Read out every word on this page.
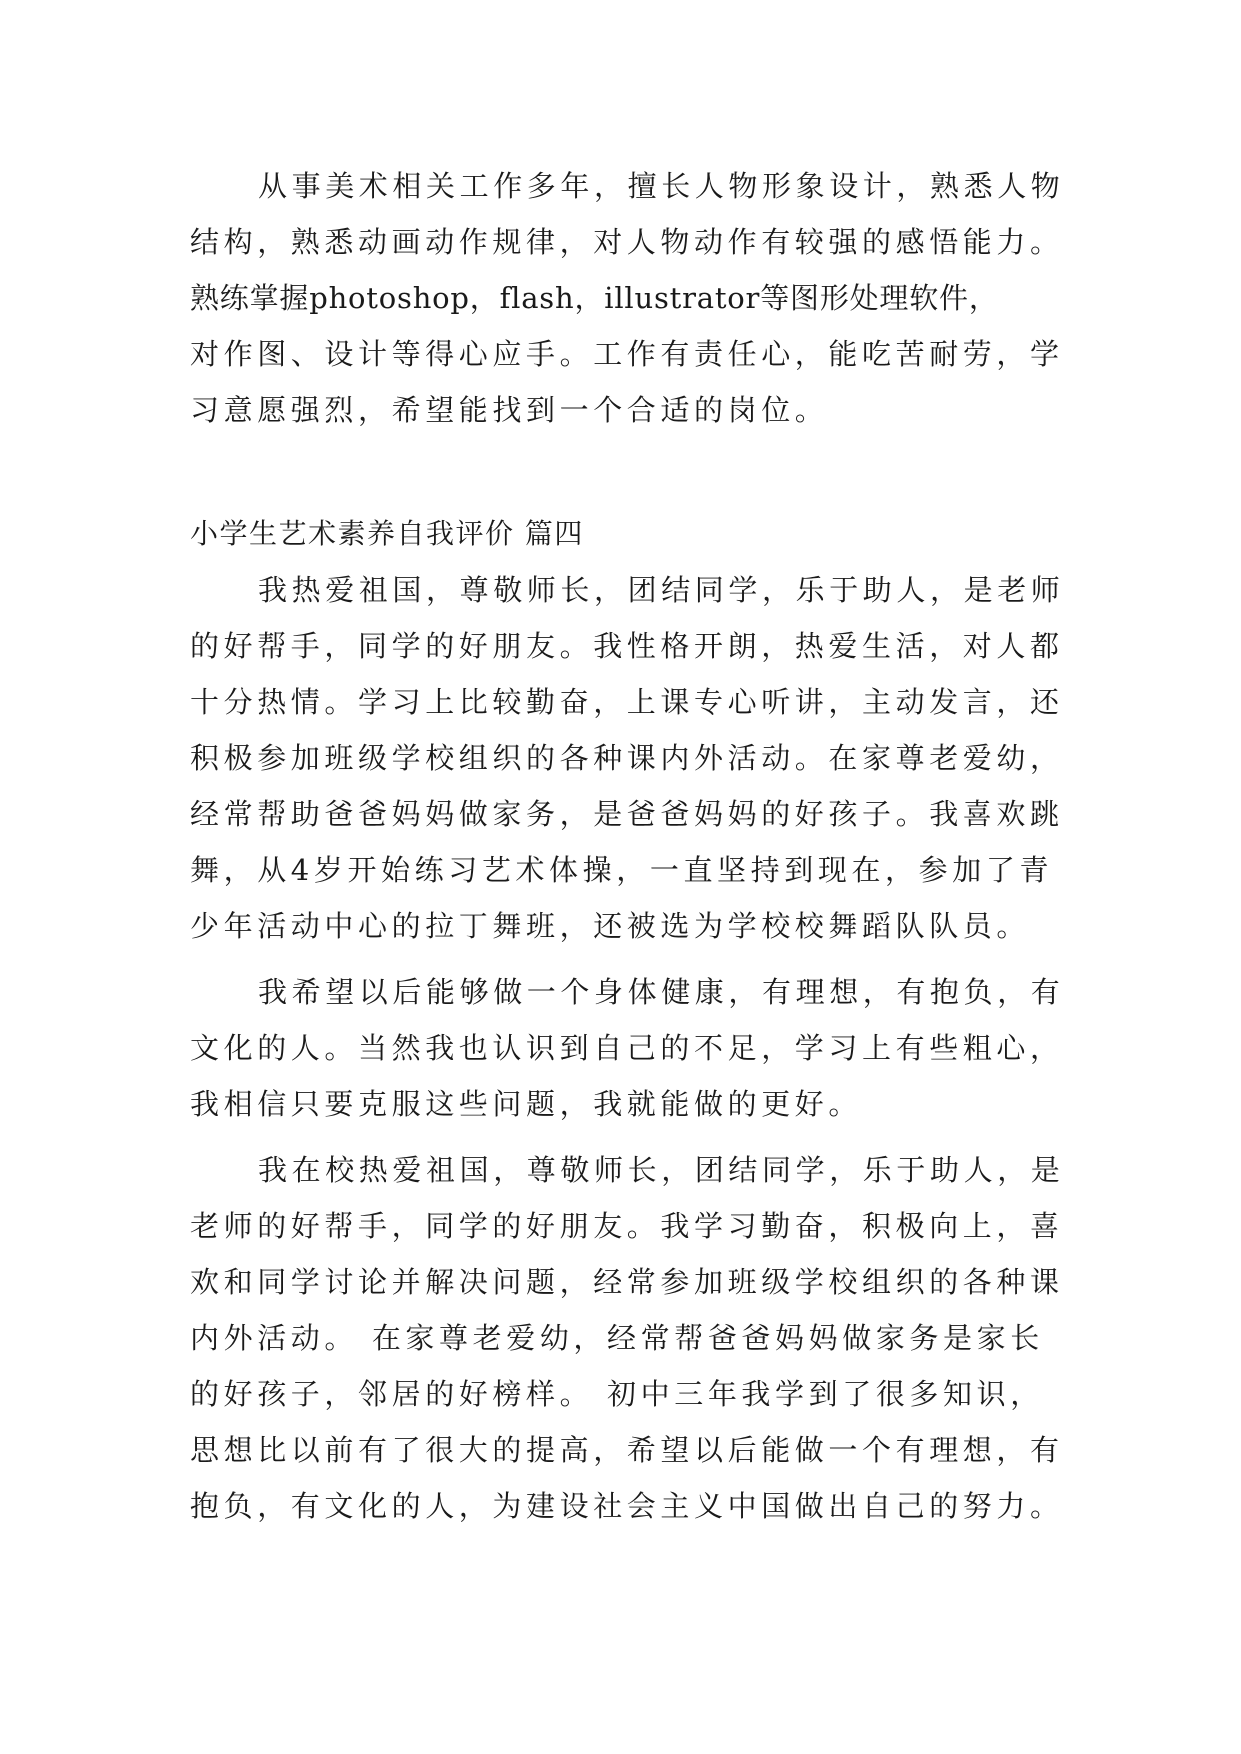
从事美术相关工作多年，擅长人物形象设计，熟悉人物
结构，熟悉动画动作规律，对人物动作有较强的感悟能力。
熟练掌握photoshop，flash，illustrator等图形处理软件，
对作图、设计等得心应手。工作有责任心，能吃苦耐劳，学
习意愿强烈，希望能找到一个合适的岗位。
小学生艺术素养自我评价 篇四
我热爱祖国，尊敬师长，团结同学，乐于助人，是老师
的好帮手，同学的好朋友。我性格开朗，热爱生活，对人都
十分热情。学习上比较勤奋，上课专心听讲，主动发言，还
积极参加班级学校组织的各种课内外活动。在家尊老爱幼，
经常帮助爸爸妈妈做家务，是爸爸妈妈的好孩子。我喜欢跳
舞，从4岁开始练习艺术体操，一直坚持到现在，参加了青
少年活动中心的拉丁舞班，还被选为学校校舞蹈队队员。
我希望以后能够做一个身体健康，有理想，有抱负，有
文化的人。当然我也认识到自己的不足，学习上有些粗心，
我相信只要克服这些问题，我就能做的更好。
我在校热爱祖国，尊敬师长，团结同学，乐于助人，是
老师的好帮手，同学的好朋友。我学习勤奋，积极向上，喜
欢和同学讨论并解决问题，经常参加班级学校组织的各种课
内外活动。 在家尊老爱幼，经常帮爸爸妈妈做家务是家长
的好孩子，邻居的好榜样。 初中三年我学到了很多知识，
思想比以前有了很大的提高，希望以后能做一个有理想，有
抱负，有文化的人，为建设社会主义中国做出自己的努力。
